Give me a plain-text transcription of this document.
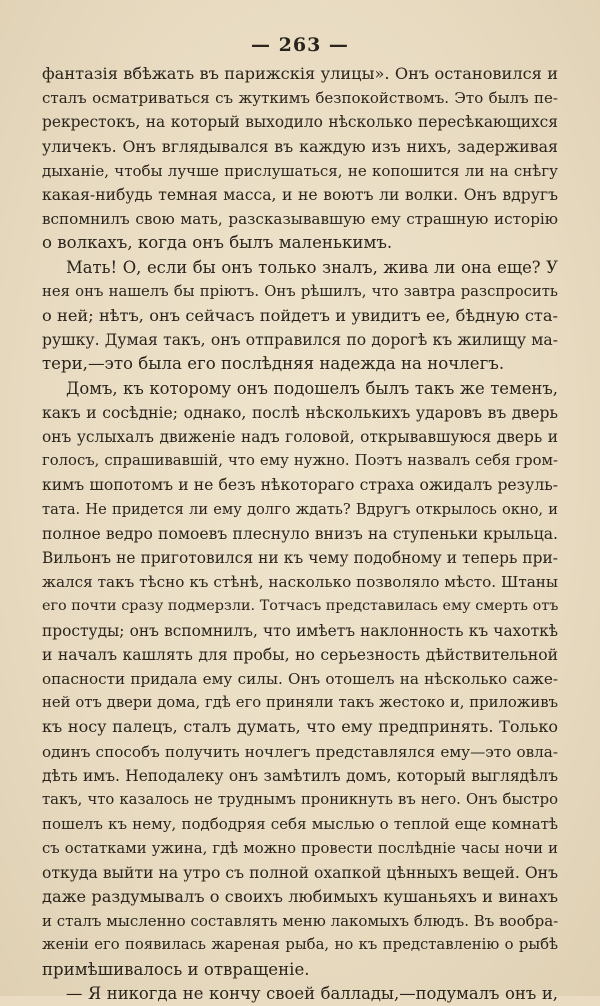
— 263 —

фантазія вбѣжать въ парижскія улицы». Онъ остановился и

сталъ осматриваться съ жуткимъ безпокойствомъ. Это былъ пе-

рекрестокъ, на который выходило нѣсколько пересѣкающихся

уличекъ. Онъ вглядывался въ каждую изъ нихъ, задерживая

дыханіе, чтобы лучше прислушаться, не копошится ли на снѣгу

какая-нибудь темная масса, и не воютъ ли волки. Онъ вдругъ

вспомнилъ свою мать, разсказывавшую ему страшную исторію

о волкахъ, когда онъ былъ маленькимъ.

Мать! О, если бы онъ только зналъ, жива ли она еще? У

нея онъ нашелъ бы пріютъ. Онъ рѣшилъ, что завтра разспросить

о ней; нѣтъ, онъ сейчасъ пойдетъ и увидитъ ее, бѣдную ста-

рушку. Думая такъ, онъ отправился по дорогѣ къ жилищу ма-

тери,—это была его послѣдняя надежда на ночлегъ.

Домъ, къ которому онъ подошелъ былъ такъ же теменъ,

какъ и сосѣдніе; однако, послѣ нѣсколькихъ ударовъ въ дверь

онъ услыхалъ движеніе надъ головой, открывавшуюся дверь и

голосъ, спрашивавшій, что ему нужно. Поэтъ назвалъ себя гром-

кимъ шопотомъ и не безъ нѣкотораго страха ожидалъ резуль-

тата. Не придется ли ему долго ждать? Вдругъ открылось окно, и

полное ведро помоевъ плеснуло внизъ на ступеньки крыльца.

Вильонъ не приготовился ни къ чему подобному и теперь при-

жался такъ тѣсно къ стѣнѣ, насколько позволяло мѣсто. Штаны

его почти сразу подмерзли. Тотчасъ представилась ему смерть отъ

простуды; онъ вспомнилъ, что имѣетъ наклонность къ чахоткѣ

и началъ кашлять для пробы, но серьезность дѣйствительной

опасности придала ему силы. Онъ отошелъ на нѣсколько саже-

ней отъ двери дома, гдѣ его приняли такъ жестоко и, приложивъ

къ носу палецъ, сталъ думать, что ему предпринять. Только

одинъ способъ получить ночлегъ представлялся ему—это овла-

дѣть имъ. Неподалеку онъ замѣтилъ домъ, который выглядѣлъ

такъ, что казалось не труднымъ проникнуть въ него. Онъ быстро

пошелъ къ нему, подбодряя себя мыслью о теплой еще комнатѣ

съ остатками ужина, гдѣ можно провести послѣдніе часы ночи и

откуда выйти на утро съ полной охапкой цѣнныхъ вещей. Онъ

даже раздумывалъ о своихъ любимыхъ кушаньяхъ и винахъ

и сталъ мысленно составлять меню лакомыхъ блюдъ. Въ вообра-

женіи его появилась жареная рыба, но къ представленію о рыбѣ

примѣшивалось и отвращеніе.

— Я никогда не кончу своей баллады,—подумалъ онъ и,
